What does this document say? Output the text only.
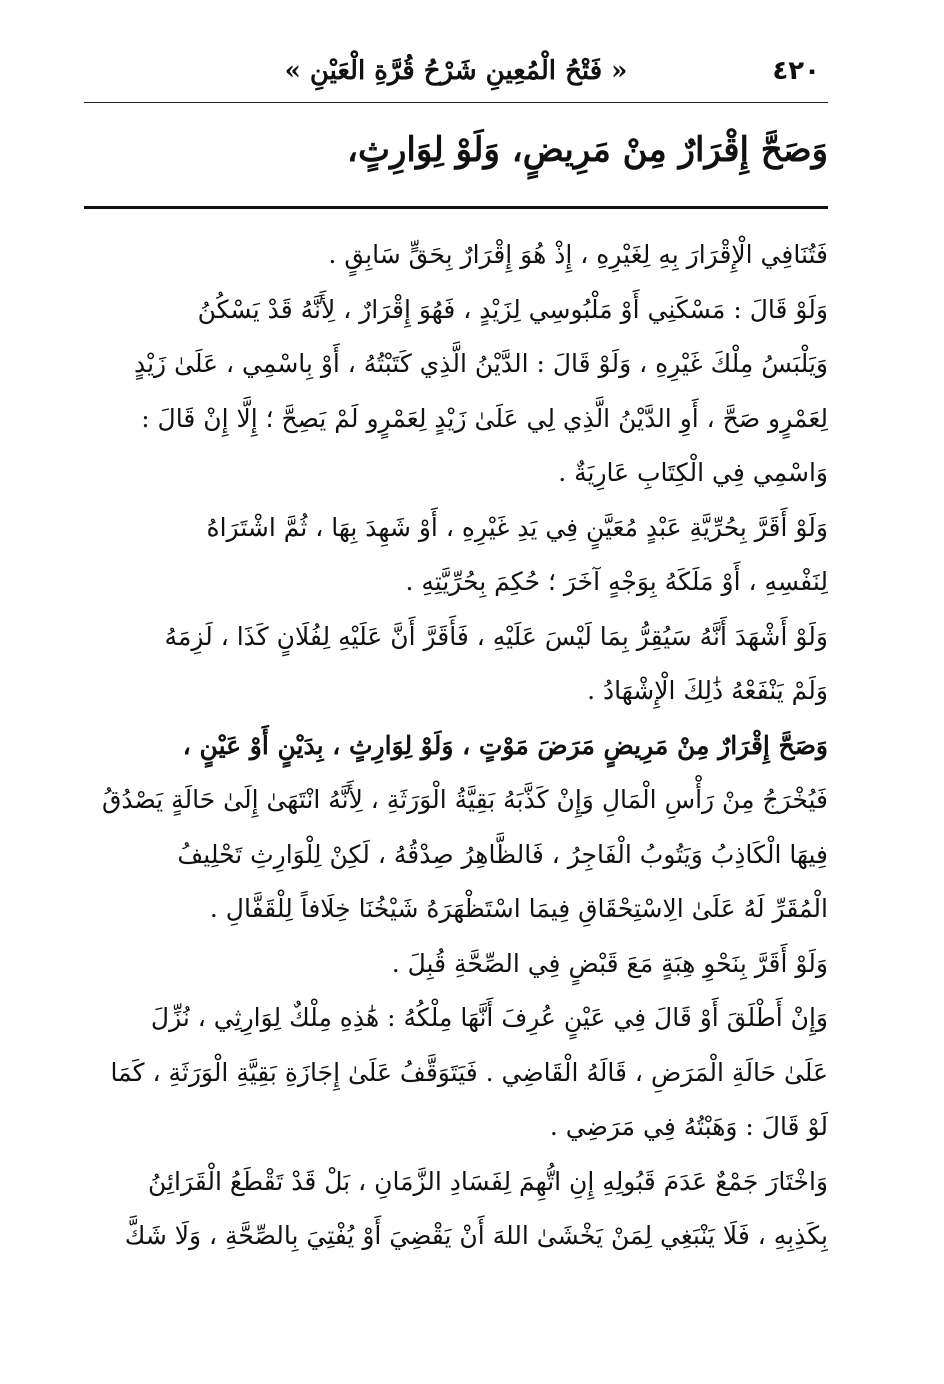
٤٢٠
« فَتْحُ الْمُعِينِ شَرْحُ قُرَّةِ الْعَيْنِ »
وَصَحَّ إِقْرَارٌ مِنْ مَرِيضٍ، وَلَوْ لِوَارِثٍ،

فَتُنَافِي الْإِقْرَارَ بِهِ لِغَيْرِهِ ، إِذْ هُوَ إِقْرَارٌ بِحَقٍّ سَابِقٍ .

وَلَوْ قَالَ : مَسْكَنِي أَوْ مَلْبُوسِي لِزَيْدٍ ، فَهُوَ إِقْرَارٌ ، لِأَنَّهُ قَدْ يَسْكُنُ
وَيَلْبَسُ مِلْكَ غَيْرِهِ ، وَلَوْ قَالَ : الدَّيْنُ الَّذِي كَتَبْتُهُ ، أَوْ بِاسْمِي ، عَلَىٰ زَيْدٍ
لِعَمْرٍو صَحَّ ، أَوِ الدَّيْنُ الَّذِي لِي عَلَىٰ زَيْدٍ لِعَمْرٍو لَمْ يَصِحَّ ؛ إِلَّا إِنْ قَالَ :
وَاسْمِي فِي الْكِتَابِ عَارِيَةٌ .

وَلَوْ أَقَرَّ بِحُرِّيَّةِ عَبْدٍ مُعَيَّنٍ فِي يَدِ غَيْرِهِ ، أَوْ شَهِدَ بِهَا ، ثُمَّ اشْتَرَاهُ
لِنَفْسِهِ ، أَوْ مَلَكَهُ بِوَجْهٍ آخَرَ ؛ حُكِمَ بِحُرِّيَّتِهِ .

وَلَوْ أَشْهَدَ أَنَّهُ سَيُقِرُّ بِمَا لَيْسَ عَلَيْهِ ، فَأَقَرَّ أَنَّ عَلَيْهِ لِفُلَانٍ كَذَا ، لَزِمَهُ
وَلَمْ يَنْفَعْهُ ذَٰلِكَ الْإِشْهَادُ .

وَصَحَّ إِقْرَارٌ مِنْ مَرِيضٍ مَرَضَ مَوْتٍ ، وَلَوْ لِوَارِثٍ ، بِدَيْنٍ أَوْ عَيْنٍ ،
فَيُخْرَجُ مِنْ رَأْسِ الْمَالِ وَإِنْ كَذَّبَهُ بَقِيَّةُ الْوَرَثَةِ ، لِأَنَّهُ انْتَهَىٰ إِلَىٰ حَالَةٍ يَصْدُقُ
فِيهَا الْكَاذِبُ وَيَتُوبُ الْفَاجِرُ ، فَالظَّاهِرُ صِدْقُهُ ، لَكِنْ لِلْوَارِثِ تَحْلِيفُ
الْمُقَرِّ لَهُ عَلَىٰ الِاسْتِحْقَاقِ فِيمَا اسْتَظْهَرَهُ شَيْخُنَا خِلَافاً لِلْقَفَّالِ .

وَلَوْ أَقَرَّ بِنَحْوِ هِبَةٍ مَعَ قَبْضٍ فِي الصِّحَّةِ قُبِلَ .

وَإِنْ أَطْلَقَ أَوْ قَالَ فِي عَيْنٍ عُرِفَ أَنَّهَا مِلْكُهُ : هَٰذِهِ مِلْكٌ لِوَارِثِي ، نُزِّلَ
عَلَىٰ حَالَةِ الْمَرَضِ ، قَالَهُ الْقَاضِي . فَيَتَوَقَّفُ عَلَىٰ إِجَازَةِ بَقِيَّةِ الْوَرَثَةِ ، كَمَا
لَوْ قَالَ : وَهَبْتُهُ فِي مَرَضِي .

وَاخْتَارَ جَمْعٌ عَدَمَ قَبُولِهِ إِنِ اتُّهِمَ لِفَسَادِ الزَّمَانِ ، بَلْ قَدْ تَقْطَعُ الْقَرَائِنُ
بِكَذِبِهِ ، فَلَا يَنْبَغِي لِمَنْ يَخْشَىٰ اللهَ أَنْ يَقْضِيَ أَوْ يُفْتِيَ بِالصِّحَّةِ ، وَلَا شَكَّ
